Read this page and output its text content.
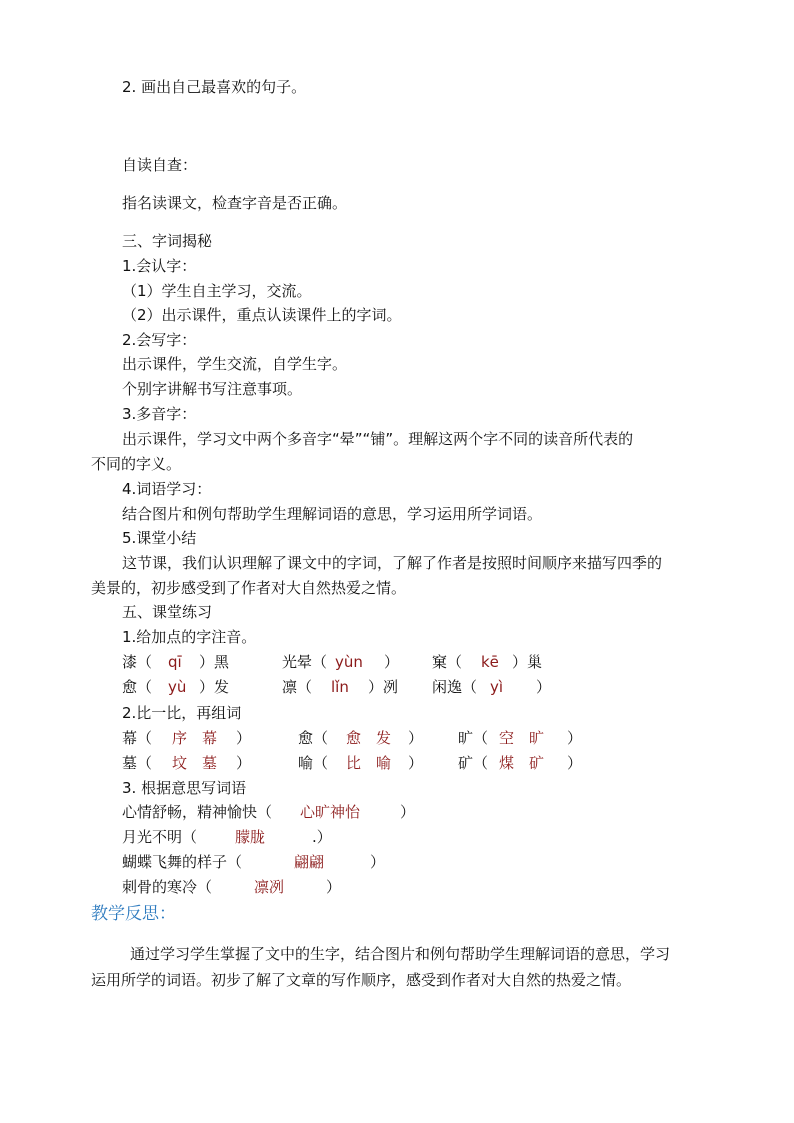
2. 画出自己最喜欢的句子。
自读自查：
指名读课文，检查字音是否正确。
三、字词揭秘
1.会认字：
（1）学生自主学习，交流。
（2）出示课件，重点认读课件上的字词。
2.会写字：
出示课件，学生交流，自学生字。
个别字讲解书写注意事项。
3.多音字：
出示课件，学习文中两个多音字“晕”“铺”。理解这两个字不同的读音所代表的
不同的字义。
4.词语学习：
结合图片和例句帮助学生理解词语的意思，学习运用所学词语。
5.课堂小结
这节课，我们认识理解了课文中的字词，了解了作者是按照时间顺序来描写四季的
美景的，初步感受到了作者对大自然热爱之情。
五、课堂练习
1.给加点的字注音。
漆（ qī ）黑	光晕（ yùn ） 窠（ kē ）巢
愈（ yù ）发	凛（ lǐn ）冽 闲逸（ yì ）
2.比一比，再组词
幕（ 序　幕 ）	愈（ 愈　发 ） 旷（ 空　旷 ）
墓（ 坟　墓 ）	喻（ 比　喻 ） 矿（ 煤　矿 ）
3. 根据意思写词语
心情舒畅，精神愉快（ 心旷神怡	）
月光不明（	朦胧	.）
蝴蝶飞舞的样子（	翩翩	）
刺骨的寒冷（	凛冽	）
教学反思：
通过学习学生掌握了文中的生字，结合图片和例句帮助学生理解词语的意思，学习
运用所学的词语。初步了解了文章的写作顺序，感受到作者对大自然的热爱之情。
